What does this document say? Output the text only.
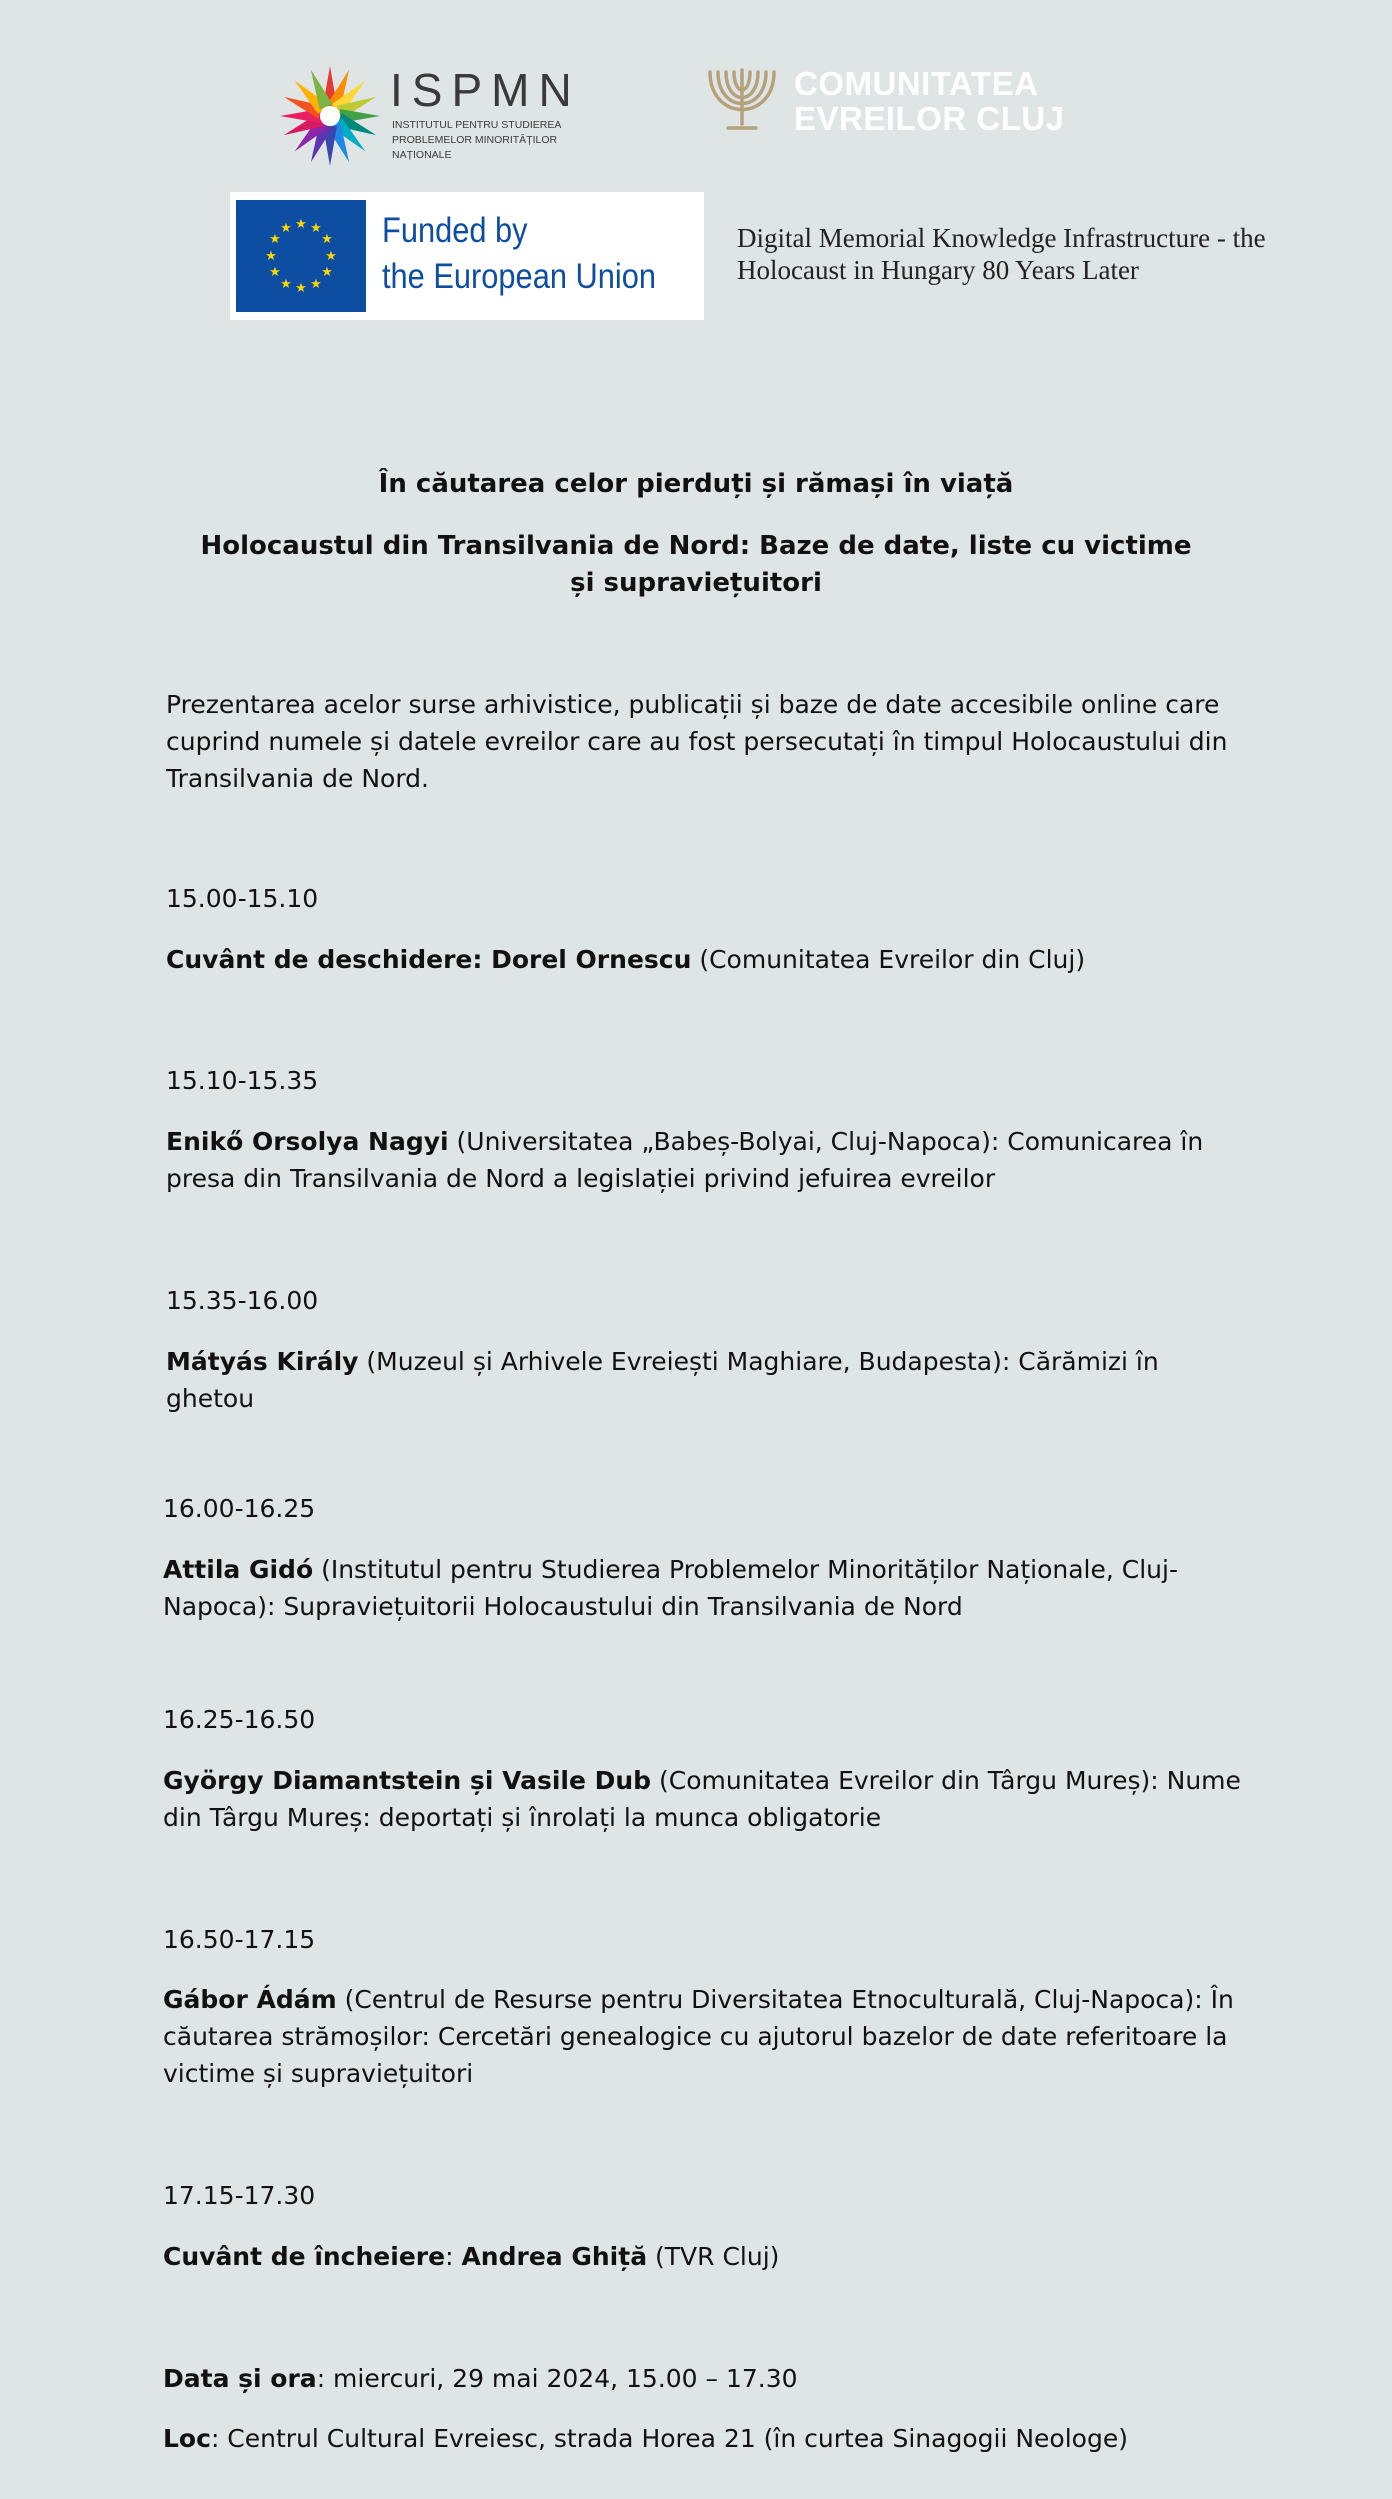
ISPMN
INSTITUTUL PENTRU STUDIEREA PROBLEMELOR MINORITĂȚILOR NAȚIONALE
COMUNITATEA
EVREILOR CLUJ
★ ★
★
★
★
★
★
★
★
★
★
★	Funded by
the European Union
Digital Memorial Knowledge Infrastructure - the
Holocaust in Hungary 80 Years Later
În căutarea celor pierduți și rămași în viață
Holocaustul din Transilvania de Nord: Baze de date, liste cu victime și supraviețuitori
Prezentarea acelor surse arhivistice, publicații și baze de date accesibile online care cuprind numele și datele evreilor care au fost persecutați în timpul Holocaustului din Transilvania de Nord.
15.00-15.10
Cuvânt de deschidere: Dorel Ornescu (Comunitatea Evreilor din Cluj)
15.10-15.35
Enikő Orsolya Nagyi (Universitatea „Babeș-Bolyai, Cluj-Napoca): Comunicarea în presa din Transilvania de Nord a legislației privind jefuirea evreilor
15.35-16.00
Mátyás Király (Muzeul și Arhivele Evreiești Maghiare, Budapesta): Cărămizi în ghetou
16.00-16.25
Attila Gidó (Institutul pentru Studierea Problemelor Minorităților Naționale, Cluj-Napoca): Supraviețuitorii Holocaustului din Transilvania de Nord
16.25-16.50
György Diamantstein și Vasile Dub (Comunitatea Evreilor din Târgu Mureș): Nume din Târgu Mureș: deportați și înrolați la munca obligatorie
16.50-17.15
Gábor Ádám (Centrul de Resurse pentru Diversitatea Etnoculturală, Cluj-Napoca): În căutarea strămoșilor: Cercetări genealogice cu ajutorul bazelor de date referitoare la victime și supraviețuitori
17.15-17.30
Cuvânt de încheiere: Andrea Ghiță (TVR Cluj)
Data și ora: miercuri, 29 mai 2024, 15.00 – 17.30
Loc: Centrul Cultural Evreiesc, strada Horea 21 (în curtea Sinagogii Neologe)
